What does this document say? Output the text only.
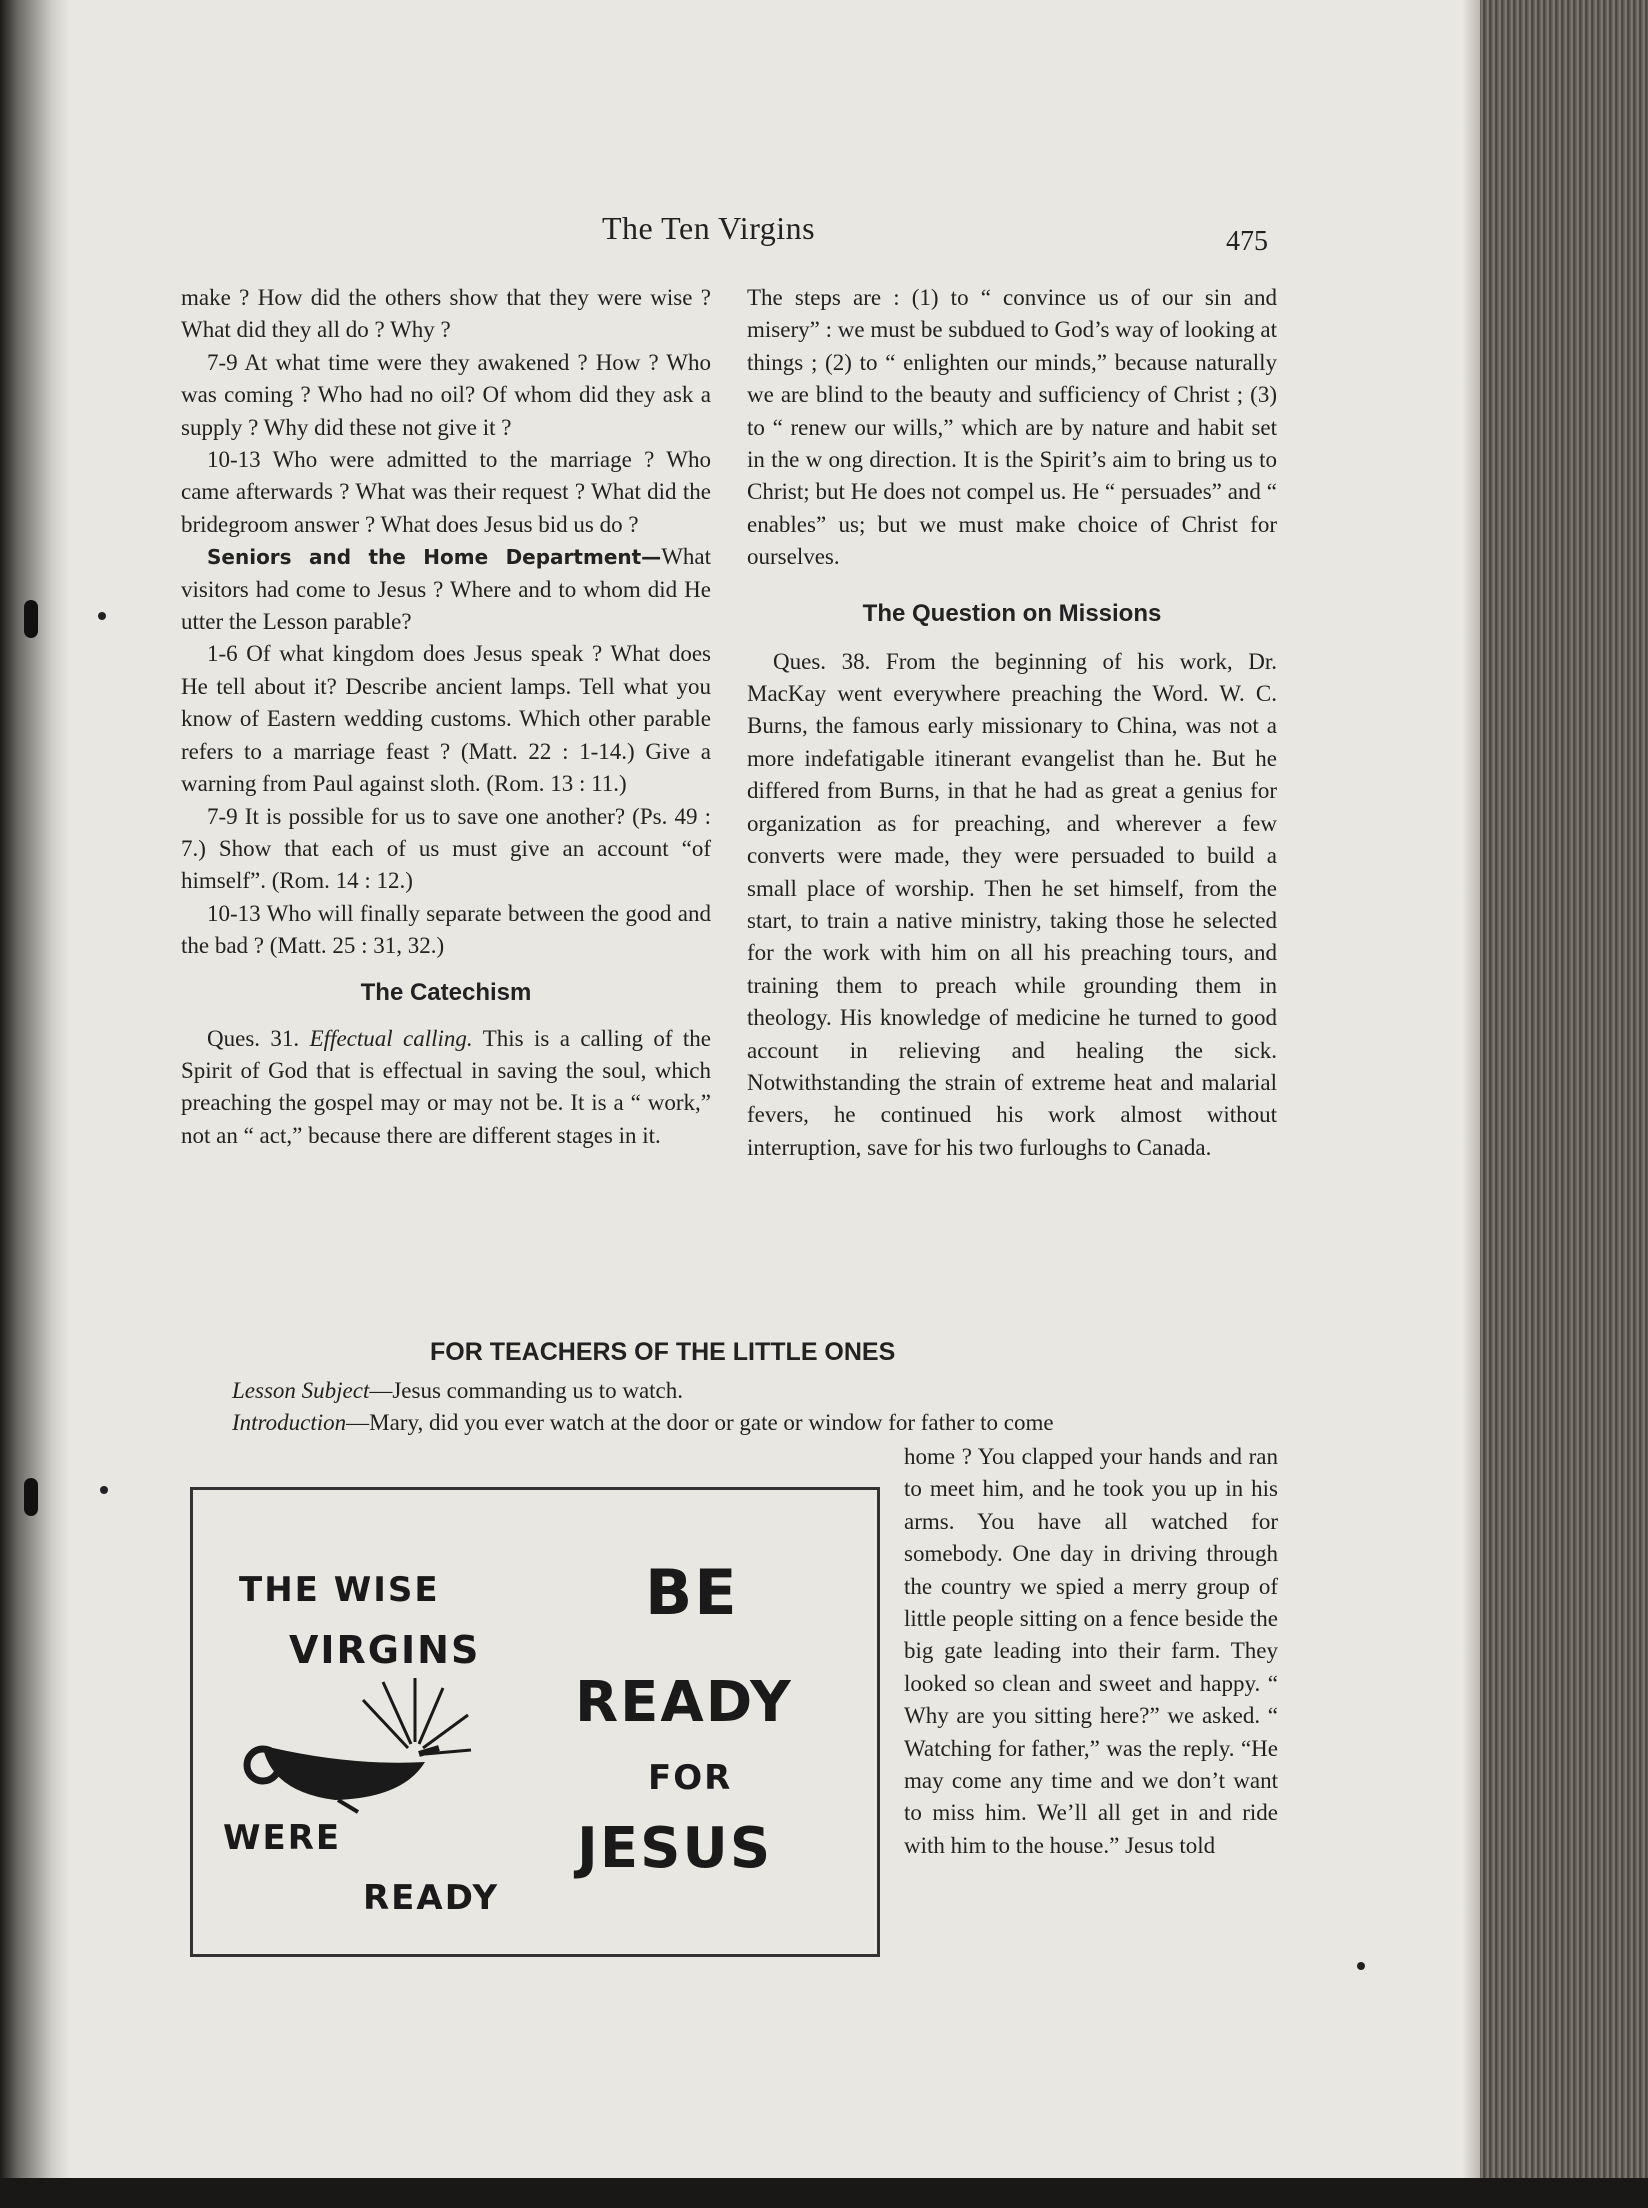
The Ten Virgins	475

make ? How did the others show that they were wise ? What did they all do ? Why ?

7-9 At what time were they awakened ? How ? Who was coming ? Who had no oil? Of whom did they ask a supply ? Why did these not give it ?

10-13 Who were admitted to the marriage ? Who came afterwards ? What was their request ? What did the bridegroom answer ? What does Jesus bid us do ?

Seniors and the Home Department—What visitors had come to Jesus ? Where and to whom did He utter the Lesson parable?

1-6 Of what kingdom does Jesus speak ? What does He tell about it? Describe ancient lamps. Tell what you know of Eastern wedding customs. Which other parable refers to a marriage feast ? (Matt. 22 : 1-14.) Give a warning from Paul against sloth. (Rom. 13 : 11.)

7-9 It is possible for us to save one another? (Ps. 49 : 7.) Show that each of us must give an account “of himself”. (Rom. 14 : 12.)

10-13 Who will finally separate between the good and the bad ? (Matt. 25 : 31, 32.)

The Catechism

Ques. 31. Effectual calling. This is a calling of the Spirit of God that is effectual in saving the soul, which preaching the gospel may or may not be. It is a “ work,” not an “ act,” because there are different stages in it.

The steps are : (1) to “ convince us of our sin and misery” : we must be subdued to God’s way of looking at things ; (2) to “ enlighten our minds,” because naturally we are blind to the beauty and sufficiency of Christ ; (3) to “ renew our wills,” which are by nature and habit set in the w ong direction. It is the Spirit’s aim to bring us to Christ; but He does not compel us. He “ persuades” and “ enables” us; but we must make choice of Christ for ourselves.

The Question on Missions

Ques. 38. From the beginning of his work, Dr. MacKay went everywhere preaching the Word. W. C. Burns, the famous early missionary to China, was not a more indefatigable itinerant evangelist than he. But he differed from Burns, in that he had as great a genius for organization as for preaching, and wherever a few converts were made, they were persuaded to build a small place of worship. Then he set himself, from the start, to train a native ministry, taking those he selected for the work with him on all his preaching tours, and training them to preach while grounding them in theology. His knowledge of medicine he turned to good account in relieving and healing the sick. Notwithstanding the strain of extreme heat and malarial fevers, he continued his work almost without interruption, save for his two furloughs to Canada.

FOR TEACHERS OF THE LITTLE ONES
Lesson Subject—Jesus commanding us to watch.
Introduction—Mary, did you ever watch at the door or gate or window for father to come

home ? You clapped your hands and ran to meet him, and he took you up in his arms. You have all watched for somebody. One day in driving through the country we spied a merry group of little people sitting on a fence beside the big gate leading into their farm. They looked so clean and sweet and happy. “ Why are you sitting here?” we asked. “ Watching for father,” was the reply. “He may come any time and we don’t want to miss him. We’ll all get in and ride with him to the house.” Jesus told

THE WISE
VIRGINS
WERE
READY
BE
READY
FOR
JESUS
